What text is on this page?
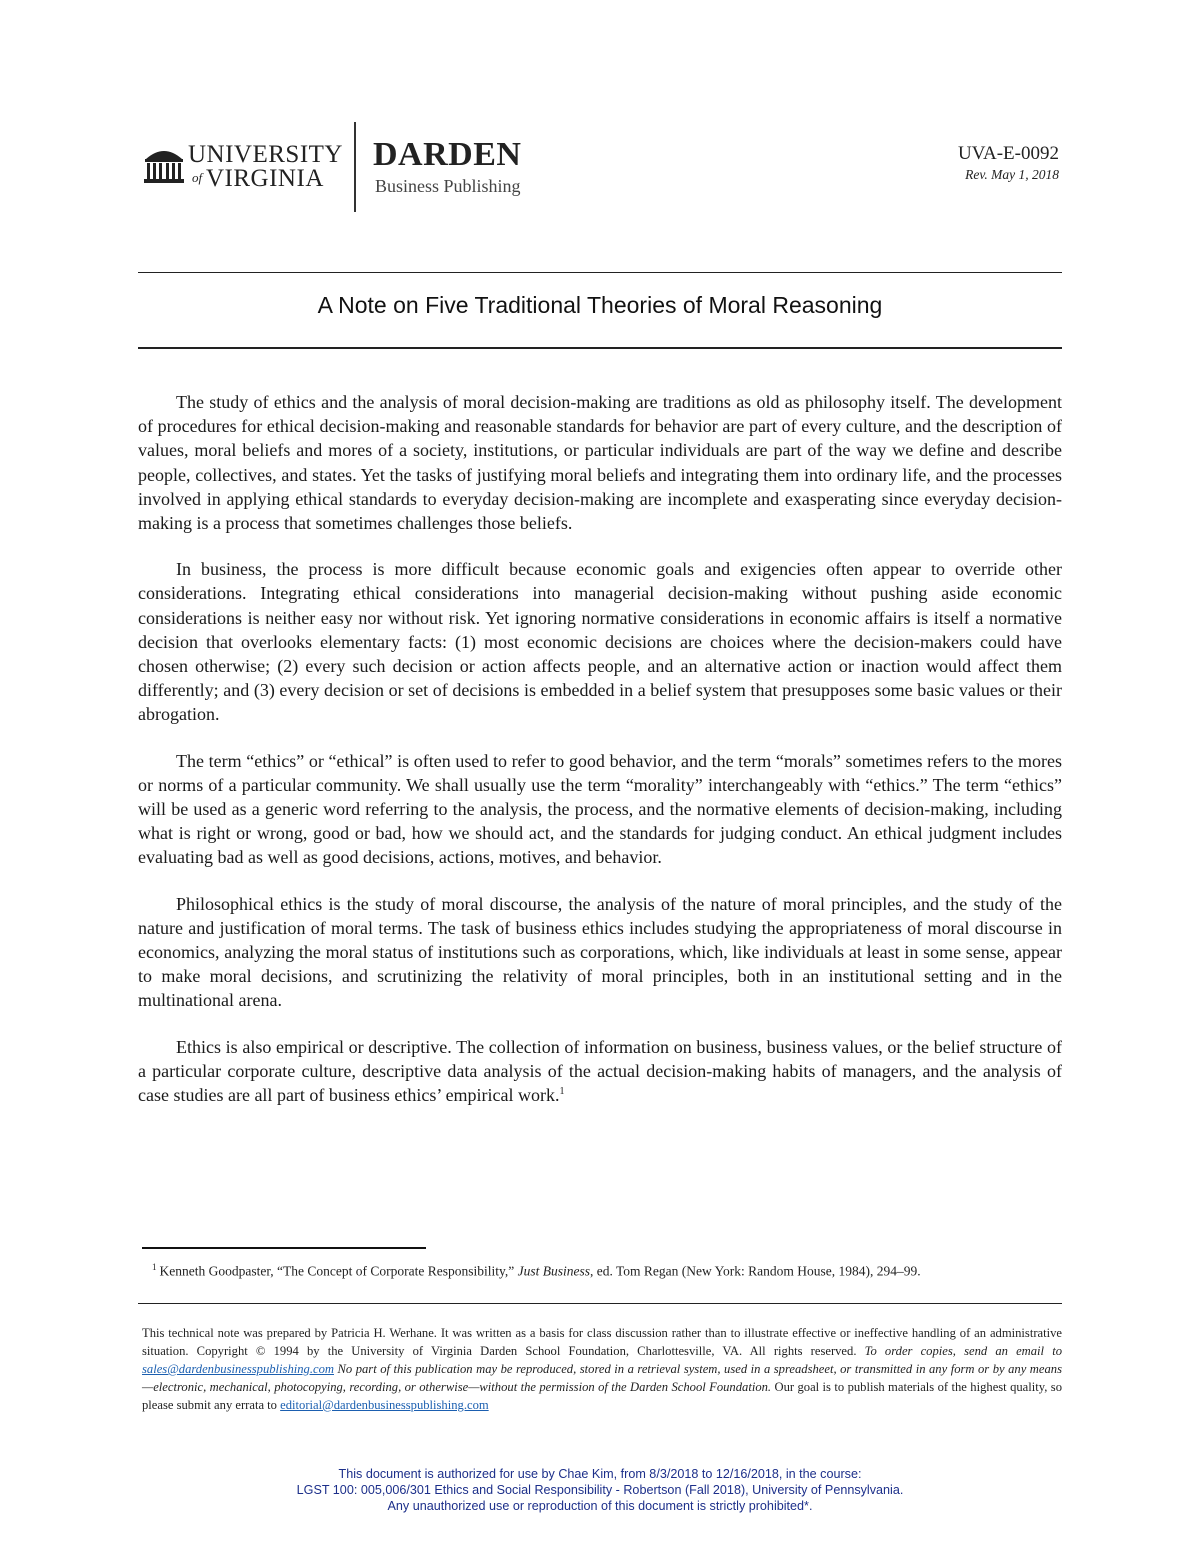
UNIVERSITY
of VIRGINIA
DARDEN
Business Publishing
UVA-E-0092
Rev. May 1, 2018
A Note on Five Traditional Theories of Moral Reasoning

The study of ethics and the analysis of moral decision-making are traditions as old as philosophy itself. The development of procedures for ethical decision-making and reasonable standards for behavior are part of every culture, and the description of values, moral beliefs and mores of a society, institutions, or particular individuals are part of the way we define and describe people, collectives, and states. Yet the tasks of justifying moral beliefs and integrating them into ordinary life, and the processes involved in applying ethical standards to everyday decision-making are incomplete and exasperating since everyday decision-making is a process that sometimes challenges those beliefs.

In business, the process is more difficult because economic goals and exigencies often appear to override other considerations. Integrating ethical considerations into managerial decision-making without pushing aside economic considerations is neither easy nor without risk. Yet ignoring normative considerations in economic affairs is itself a normative decision that overlooks elementary facts: (1) most economic decisions are choices where the decision-makers could have chosen otherwise; (2) every such decision or action affects people, and an alternative action or inaction would affect them differently; and (3) every decision or set of decisions is embedded in a belief system that presupposes some basic values or their abrogation.

The term “ethics” or “ethical” is often used to refer to good behavior, and the term “morals” sometimes refers to the mores or norms of a particular community. We shall usually use the term “morality” interchangeably with “ethics.” The term “ethics” will be used as a generic word referring to the analysis, the process, and the normative elements of decision-making, including what is right or wrong, good or bad, how we should act, and the standards for judging conduct. An ethical judgment includes evaluating bad as well as good decisions, actions, motives, and behavior.

Philosophical ethics is the study of moral discourse, the analysis of the nature of moral principles, and the study of the nature and justification of moral terms. The task of business ethics includes studying the appropriateness of moral discourse in economics, analyzing the moral status of institutions such as corporations, which, like individuals at least in some sense, appear to make moral decisions, and scrutinizing the relativity of moral principles, both in an institutional setting and in the multinational arena.

Ethics is also empirical or descriptive. The collection of information on business, business values, or the belief structure of a particular corporate culture, descriptive data analysis of the actual decision-making habits of managers, and the analysis of case studies are all part of business ethics’ empirical work.$^1$

$^1$ Kenneth Goodpaster, “The Concept of Corporate Responsibility,” Just Business, ed. Tom Regan (New York: Random House, 1984), 294–99.
This technical note was prepared by Patricia H. Werhane. It was written as a basis for class discussion rather than to illustrate effective or ineffective handling of an administrative situation. Copyright © 1994 by the University of Virginia Darden School Foundation, Charlottesville, VA. All rights reserved. To order copies, send an email to sales@dardenbusinesspublishing.com No part of this publication may be reproduced, stored in a retrieval system, used in a spreadsheet, or transmitted in any form or by any means—electronic, mechanical, photocopying, recording, or otherwise—without the permission of the Darden School Foundation. Our goal is to publish materials of the highest quality, so please submit any errata to editorial@dardenbusinesspublishing.com
This document is authorized for use by Chae Kim, from 8/3/2018 to 12/16/2018, in the course:
LGST 100: 005,006/301 Ethics and Social Responsibility - Robertson (Fall 2018), University of Pennsylvania.
Any unauthorized use or reproduction of this document is strictly prohibited*.
